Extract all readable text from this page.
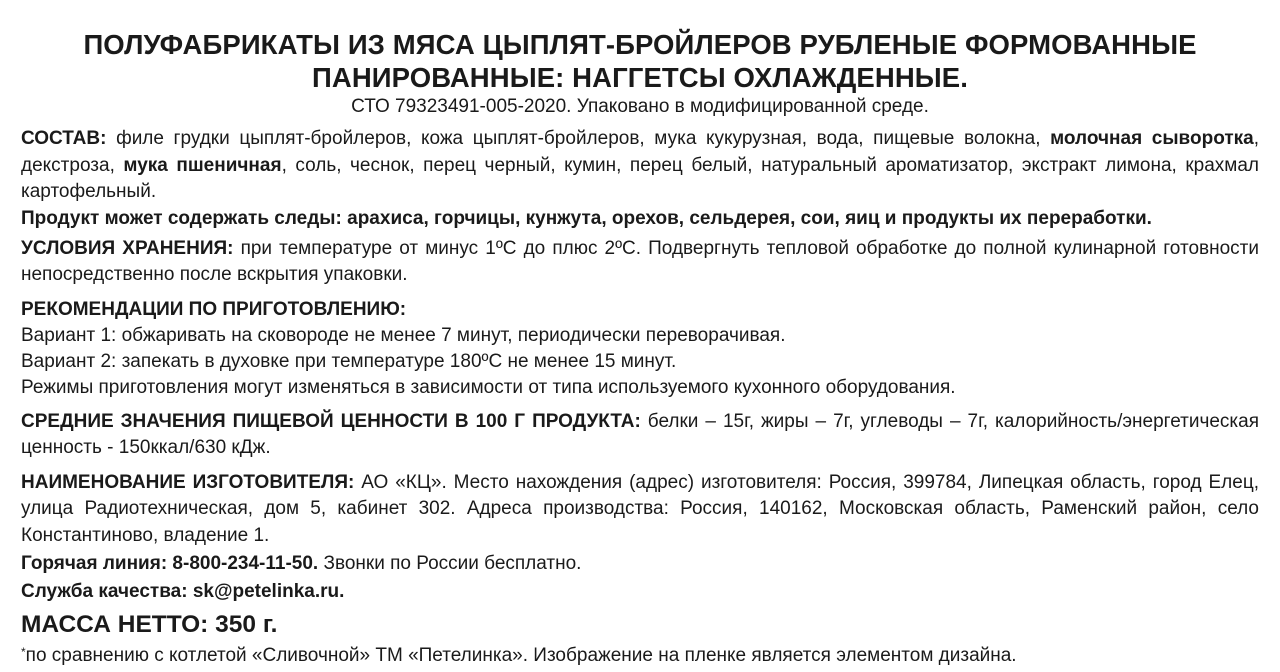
ПОЛУФАБРИКАТЫ ИЗ МЯСА ЦЫПЛЯТ-БРОЙЛЕРОВ РУБЛЕНЫЕ ФОРМОВАННЫЕ
ПАНИРОВАННЫЕ: НАГГЕТСЫ ОХЛАЖДЕННЫЕ.
СТО 79323491-005-2020. Упаковано в модифицированной среде.
СОСТАВ: филе грудки цыплят-бройлеров, кожа цыплят-бройлеров, мука кукурузная, вода, пищевые волокна, молочная сыворотка, декстроза, мука пшеничная, соль, чеснок, перец черный, кумин, перец белый, натуральный ароматизатор, экстракт лимона, крахмал картофельный.
Продукт может содержать следы: арахиса, горчицы, кунжута, орехов, сельдерея, сои, яиц и продукты их переработки.
УСЛОВИЯ ХРАНЕНИЯ: при температуре от минус 1ºС до плюс 2ºС. Подвергнуть тепловой обработке до полной кулинарной готовности непосредственно после вскрытия упаковки.
РЕКОМЕНДАЦИИ ПО ПРИГОТОВЛЕНИЮ:
Вариант 1: обжаривать на сковороде не менее 7 минут, периодически переворачивая.
Вариант 2: запекать в духовке при температуре 180ºС не менее 15 минут.
Режимы приготовления могут изменяться в зависимости от типа используемого кухонного оборудования.
СРЕДНИЕ ЗНАЧЕНИЯ ПИЩЕВОЙ ЦЕННОСТИ В 100 Г ПРОДУКТА: белки – 15г, жиры – 7г, углеводы – 7г, калорийность/энергетическая ценность - 150ккал/630 кДж.
НАИМЕНОВАНИЕ ИЗГОТОВИТЕЛЯ: АО «КЦ». Место нахождения (адрес) изготовителя: Россия, 399784, Липецкая область, город Елец, улица Радиотехническая, дом 5, кабинет 302. Адреса производства: Россия, 140162, Московская область, Раменский район, село Константиново, владение 1.
Горячая линия: 8-800-234-11-50. Звонки по России бесплатно.
Служба качества: sk@petelinka.ru.
МАССА НЕТТО: 350 г.
*по сравнению с котлетой «Сливочной» ТМ «Петелинка». Изображение на пленке является элементом дизайна.
